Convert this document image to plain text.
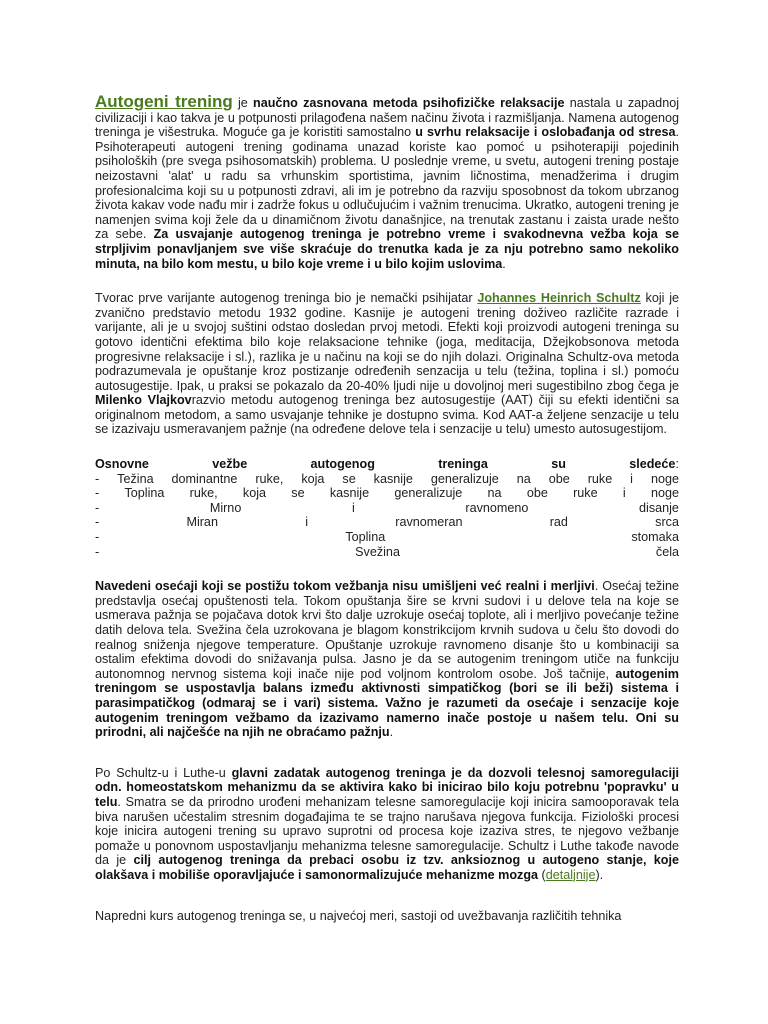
Autogeni trening je naučno zasnovana metoda psihofizičke relaksacije nastala u zapadnoj civilizaciji i kao takva je u potpunosti prilagođena našem načinu života i razmišljanja. Namena autogenog treninga je višestruka. Moguće ga je koristiti samostalno u svrhu relaksacije i oslobađanja od stresa. Psihoterapeuti autogeni trening godinama unazad koriste kao pomoć u psihoterapiji pojedinih psiholoških (pre svega psihosomatskih) problema. U poslednje vreme, u svetu, autogeni trening postaje neizostavni 'alat' u radu sa vrhunskim sportistima, javnim ličnostima, menadžerima i drugim profesionalcima koji su u potpunosti zdravi, ali im je potrebno da razviju sposobnost da tokom ubrzanog života kakav vode nađu mir i zadrže fokus u odlučujućim i važnim trenucima. Ukratko, autogeni trening je namenjen svima koji žele da u dinamičnom životu današnjice, na trenutak zastanu i zaista urade nešto za sebe. Za usvajanje autogenog treninga je potrebno vreme i svakodnevna vežba koja se strpljivim ponavljanjem sve više skraćuje do trenutka kada je za nju potrebno samo nekoliko minuta, na bilo kom mestu, u bilo koje vreme i u bilo kojim uslovima.

Tvorac prve varijante autogenog treninga bio je nemački psihijatar Johannes Heinrich Schultz koji je zvanično predstavio metodu 1932 godine. Kasnije je autogeni trening doživeo različite razrade i varijante, ali je u svojoj suštini odstao dosledan prvoj metodi. Efekti koji proizvodi autogeni treninga su gotovo identični efektima bilo koje relaksacione tehnike (joga, meditacija, Džejkobsonova metoda progresivne relaksacije i sl.), razlika je u načinu na koji se do njih dolazi. Originalna Schultz-ova metoda podrazumevala je opuštanje kroz postizanje određenih senzacija u telu (težina, toplina i sl.) pomoću autosugestije. Ipak, u praksi se pokazalo da 20-40% ljudi nije u dovoljnoj meri sugestibilno zbog čega je Milenko Vlajkovrazvio metodu autogenog treninga bez autosugestije (AAT) čiji su efekti identični sa originalnom metodom, a samo usvajanje tehnike je dostupno svima. Kod AAT-a željene senzacije u telu se izazivaju usmeravanjem pažnje (na određene delove tela i senzacije u telu) umesto autosugestijom.

Osnovne	vežbe	autogenog	treninga	su	sledeće:
- Težina dominantne ruke, koja se kasnije generalizuje na obe ruke i noge
- Toplina ruke, koja se kasnije generalizuje na obe ruke i noge
-	Mirno	i	ravnomeno	disanje
-	Miran	i	ravnomeran	rad	srca
-	Toplina	stomaka
-	Svežina	čela

Navedeni osećaji koji se postižu tokom vežbanja nisu umišljeni već realni i merljivi. Osećaj težine predstavlja osećaj opuštenosti tela. Tokom opuštanja šire se krvni sudovi i u delove tela na koje se usmerava pažnja se pojačava dotok krvi što dalje uzrokuje osećaj toplote, ali i merljivo povećanje težine datih delova tela. Svežina čela uzrokovana je blagom konstrikcijom krvnih sudova u čelu što dovodi do realnog sniženja njegove temperature. Opuštanje uzrokuje ravnomeno disanje što u kombinaciji sa ostalim efektima dovodi do snižavanja pulsa. Jasno je da se autogenim treningom utiče na funkciju autonomnog nervnog sistema koji inače nije pod voljnom kontrolom osobe. Još tačnije, autogenim treningom se uspostavlja balans između aktivnosti simpatičkog (bori se ili beži) sistema i parasimpatičkog (odmaraj se i vari) sistema. Važno je razumeti da osećaje i senzacije koje autogenim treningom vežbamo da izazivamo namerno inače postoje u našem telu. Oni su prirodni, ali najčešće na njih ne obraćamo pažnju.

Po Schultz-u i Luthe-u glavni zadatak autogenog treninga je da dozvoli telesnoj samoregulaciji odn. homeostatskom mehanizmu da se aktivira kako bi inicirao bilo koju potrebnu 'popravku' u telu. Smatra se da prirodno urođeni mehanizam telesne samoregulacije koji inicira samooporavak tela biva narušen učestalim stresnim događajima te se trajno narušava njegova funkcija. Fiziološki procesi koje inicira autogeni trening su upravo suprotni od procesa koje izaziva stres, te njegovo vežbanje pomaže u ponovnom uspostavljanju mehanizma telesne samoregulacije. Schultz i Luthe takođe navode da je cilj autogenog treninga da prebaci osobu iz tzv. anksioznog u autogeno stanje, koje olakšava i mobiliše oporavljajuće i samonormalizujuće mehanizme mozga (detaljnije).

Napredni kurs autogenog treninga se, u najvećoj meri, sastoji od uvežbavanja različitih tehnika
